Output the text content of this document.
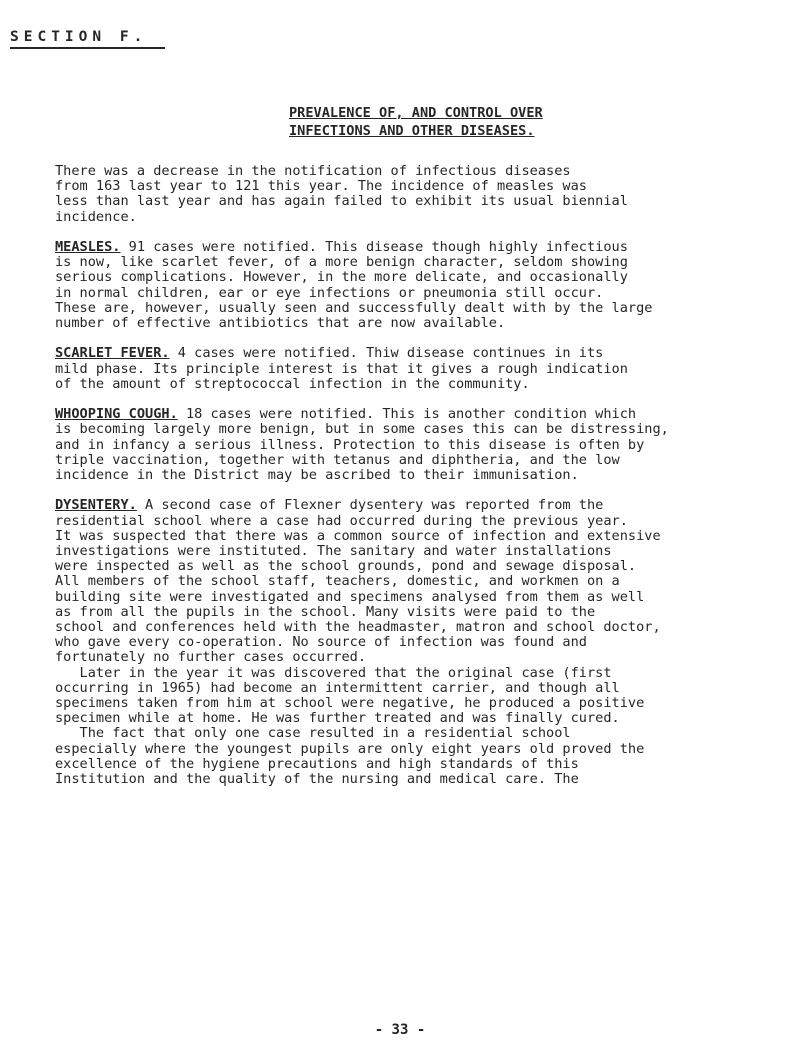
SECTION F.
PREVALENCE OF, AND CONTROL OVER
INFECTIONS AND OTHER DISEASES.

There was a decrease in the notification of infectious diseases
from 163 last year to 121 this year. The incidence of measles was
less than last year and has again failed to exhibit its usual biennial
incidence.

MEASLES. 91 cases were notified. This disease though highly infectious
is now, like scarlet fever, of a more benign character, seldom showing
serious complications. However, in the more delicate, and occasionally
in normal children, ear or eye infections or pneumonia still occur.
These are, however, usually seen and successfully dealt with by the large
number of effective antibiotics that are now available.

SCARLET FEVER. 4 cases were notified. Thiw disease continues in its
mild phase. Its principle interest is that it gives a rough indication
of the amount of streptococcal infection in the community.

WHOOPING COUGH. 18 cases were notified. This is another condition which
is becoming largely more benign, but in some cases this can be distressing,
and in infancy a serious illness. Protection to this disease is often by
triple vaccination, together with tetanus and diphtheria, and the low
incidence in the District may be ascribed to their immunisation.

DYSENTERY. A second case of Flexner dysentery was reported from the
residential school where a case had occurred during the previous year.
It was suspected that there was a common source of infection and extensive
investigations were instituted. The sanitary and water installations
were inspected as well as the school grounds, pond and sewage disposal.
All members of the school staff, teachers, domestic, and workmen on a
building site were investigated and specimens analysed from them as well
as from all the pupils in the school. Many visits were paid to the
school and conferences held with the headmaster, matron and school doctor,
who gave every co-operation. No source of infection was found and
fortunately no further cases occurred.
Later in the year it was discovered that the original case (first
occurring in 1965) had become an intermittent carrier, and though all
specimens taken from him at school were negative, he produced a positive
specimen while at home. He was further treated and was finally cured.
The fact that only one case resulted in a residential school
especially where the youngest pupils are only eight years old proved the
excellence of the hygiene precautions and high standards of this
Institution and the quality of the nursing and medical care. The

- 33 -
